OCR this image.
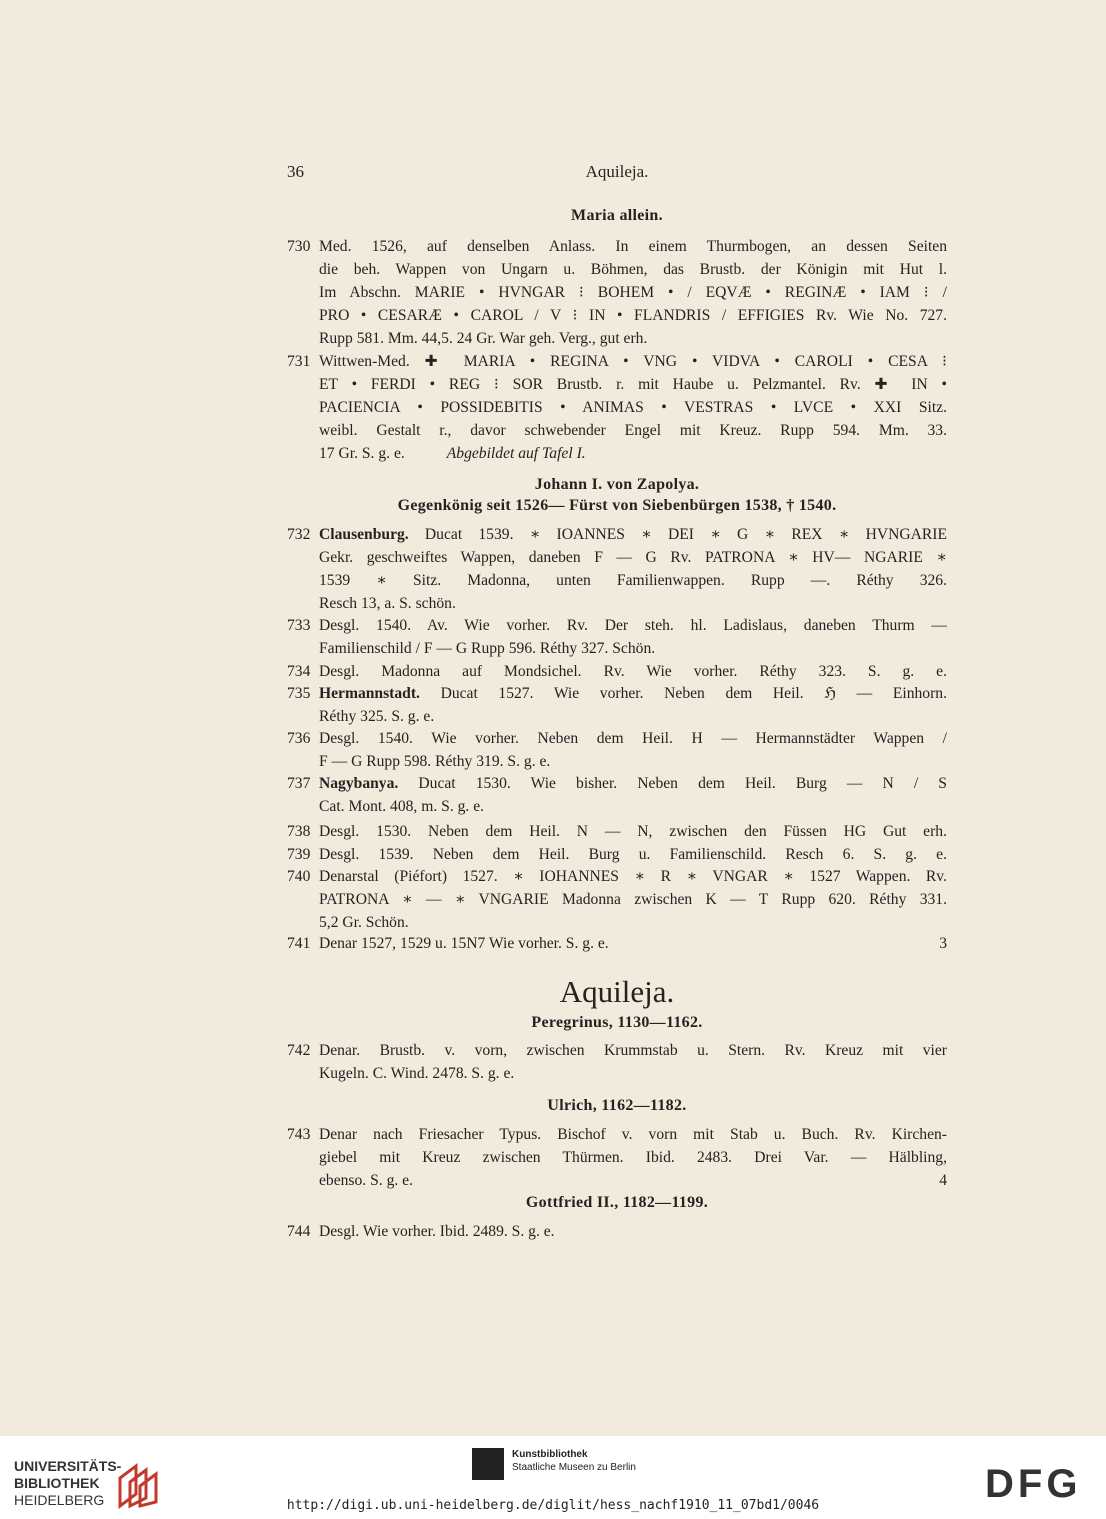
36	Aquileja.
Maria allein.
730 Med. 1526, auf denselben Anlass. In einem Thurmbogen, an dessen Seiten
die beh. Wappen von Ungarn u. Böhmen, das Brustb. der Königin mit Hut l.
Im Abschn. MARIE • HVNGAR ⁝ BOHEM • / EQVÆ • REGINÆ • IAM ⁝ /
PRO • CESARÆ • CAROL / V ⁝ IN • FLANDRIS / EFFIGIES Rv. Wie No. 727.
Rupp 581. Mm. 44,5. 24 Gr. War geh. Verg., gut erh.
731 Wittwen-Med. ✚ MARIA • REGINA • VNG • VIDVA • CAROLI • CESA ⁝
ET • FERDI • REG ⁝ SOR Brustb. r. mit Haube u. Pelzmantel. Rv. ✚ IN •
PACIENCIA • POSSIDEBITIS • ANIMAS • VESTRAS • LVCE • XXI Sitz.
weibl. Gestalt r., davor schwebender Engel mit Kreuz. Rupp 594. Mm. 33.
17 Gr. S. g. e.	Abgebildet auf Tafel I.
Johann I. von Zapolya.
Gegenkönig seit 1526— Fürst von Siebenbürgen 1538, † 1540.
732 Clausenburg. Ducat 1539. ∗ IOANNES ∗ DEI ∗ G ∗ REX ∗ HVNGARIE
Gekr. geschweiftes Wappen, daneben F — G Rv. PATRONA ∗ HV— NGARIE ∗
1539 ∗ Sitz. Madonna, unten Familienwappen. Rupp —. Réthy 326.
Resch 13, a. S. schön.
733 Desgl. 1540. Av. Wie vorher. Rv. Der steh. hl. Ladislaus, daneben Thurm —
Familienschild / F — G Rupp 596. Réthy 327. Schön.
734 Desgl. Madonna auf Mondsichel. Rv. Wie vorher. Réthy 323. S. g. e.
735 Hermannstadt. Ducat 1527. Wie vorher. Neben dem Heil. ℌ — Einhorn.
Réthy 325. S. g. e.
736 Desgl. 1540. Wie vorher. Neben dem Heil. H — Hermannstädter Wappen /
F — G Rupp 598. Réthy 319. S. g. e.
737 Nagybanya. Ducat 1530. Wie bisher. Neben dem Heil. Burg — N / S
Cat. Mont. 408, m. S. g. e.
738 Desgl. 1530. Neben dem Heil. N — N, zwischen den Füssen HG Gut erh.
739 Desgl. 1539. Neben dem Heil. Burg u. Familienschild. Resch 6. S. g. e.
740 Denarstal (Piéfort) 1527. ∗ IOHANNES ∗ R ∗ VNGAR ∗ 1527 Wappen. Rv.
PATRONA ∗ — ∗ VNGARIE Madonna zwischen K — T Rupp 620. Réthy 331.
5,2 Gr. Schön.
741 Denar 1527, 1529 u. 15N7 Wie vorher. S. g. e.	3
Aquileja.
Peregrinus, 1130—1162.
742 Denar. Brustb. v. vorn, zwischen Krummstab u. Stern. Rv. Kreuz mit vier
Kugeln. C. Wind. 2478. S. g. e.
Ulrich, 1162—1182.
743 Denar nach Friesacher Typus. Bischof v. vorn mit Stab u. Buch. Rv. Kirchen-
giebel mit Kreuz zwischen Thürmen. Ibid. 2483. Drei Var. — Hälbling,
ebenso. S. g. e.	4
Gottfried II., 1182—1199.
744 Desgl. Wie vorher. Ibid. 2489. S. g. e.
UNIVERSITÄTS-
BIBLIOTHEK
HEIDELBERG
Kunstbibliothek
Staatliche Museen zu Berlin	DFG
http://digi.ub.uni-heidelberg.de/diglit/hess_nachf1910_11_07bd1/0046
